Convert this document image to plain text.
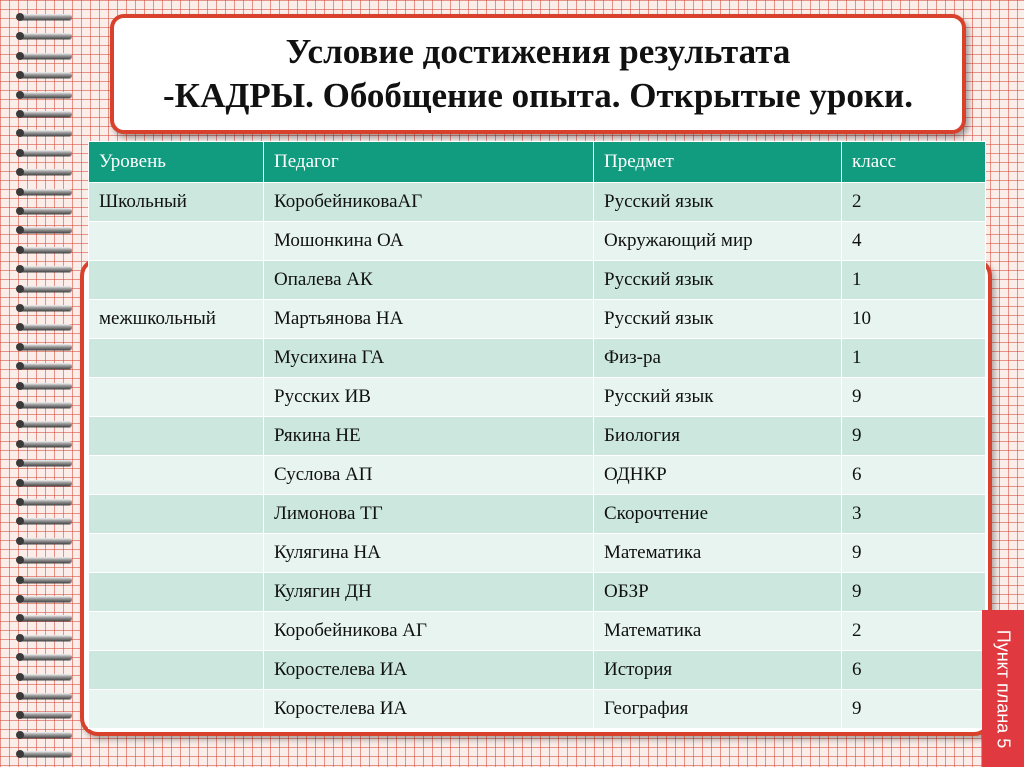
Условие достижения результата
-КАДРЫ. Обобщение опыта. Открытые уроки.
Уровень	Педагог	Предмет	класс
Школьный	КоробейниковаАГ	Русский язык	2
	Мошонкина ОА	Окружающий мир	4
	Опалева АК	Русский язык	1
межшкольный	Мартьянова НА	Русский язык	10
	Мусихина ГА	Физ-ра	1
	Русских ИВ	Русский язык	9
	Рякина НЕ	Биология	9
	Суслова АП	ОДНКР	6
	Лимонова ТГ	Скорочтение	3
	Кулягина НА	Математика	9
	Кулягин ДН	ОБЗР	9
	Коробейникова АГ	Математика	2
	Коростелева ИА	История	6
	Коростелева ИА	География	9	Пункт плана 5
